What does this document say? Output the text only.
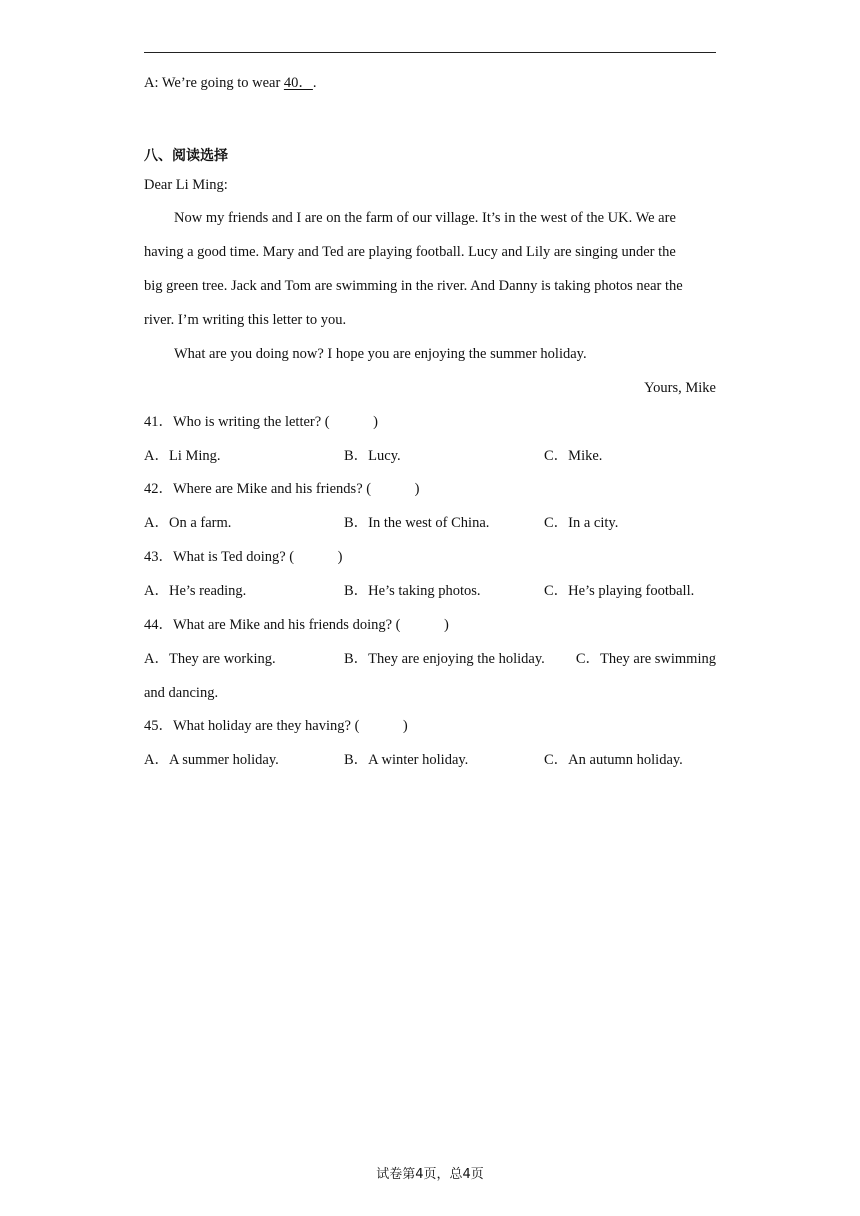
A: We’re going to wear 40．.
八、阅读选择
Dear Li Ming:
Now my friends and I are on the farm of our village. It’s in the west of the UK. We are
having a good time. Mary and Ted are playing football. Lucy and Lily are singing under the
big green tree. Jack and Tom are swimming in the river. And Danny is taking photos near the
river. I’m writing this letter to you.
What are you doing now? I hope you are enjoying the summer holiday.
Yours, Mike
41．Who is writing the letter? (　　　)
A．Li Ming.	B．Lucy.	C．Mike.
42．Where are Mike and his friends? (　　　)
A．On a farm.	B．In the west of China.	C．In a city.
43．What is Ted doing? (　　　)
A．He’s reading.	B．He’s taking photos.	C．He’s playing football.
44．What are Mike and his friends doing? (　　　)
A．They are working.	B．They are enjoying the holiday.	C．They are swimming
and dancing.
45．What holiday are they having? (　　　)
A．A summer holiday.	B．A winter holiday.	C．An autumn holiday.
试卷第4页，总4页
